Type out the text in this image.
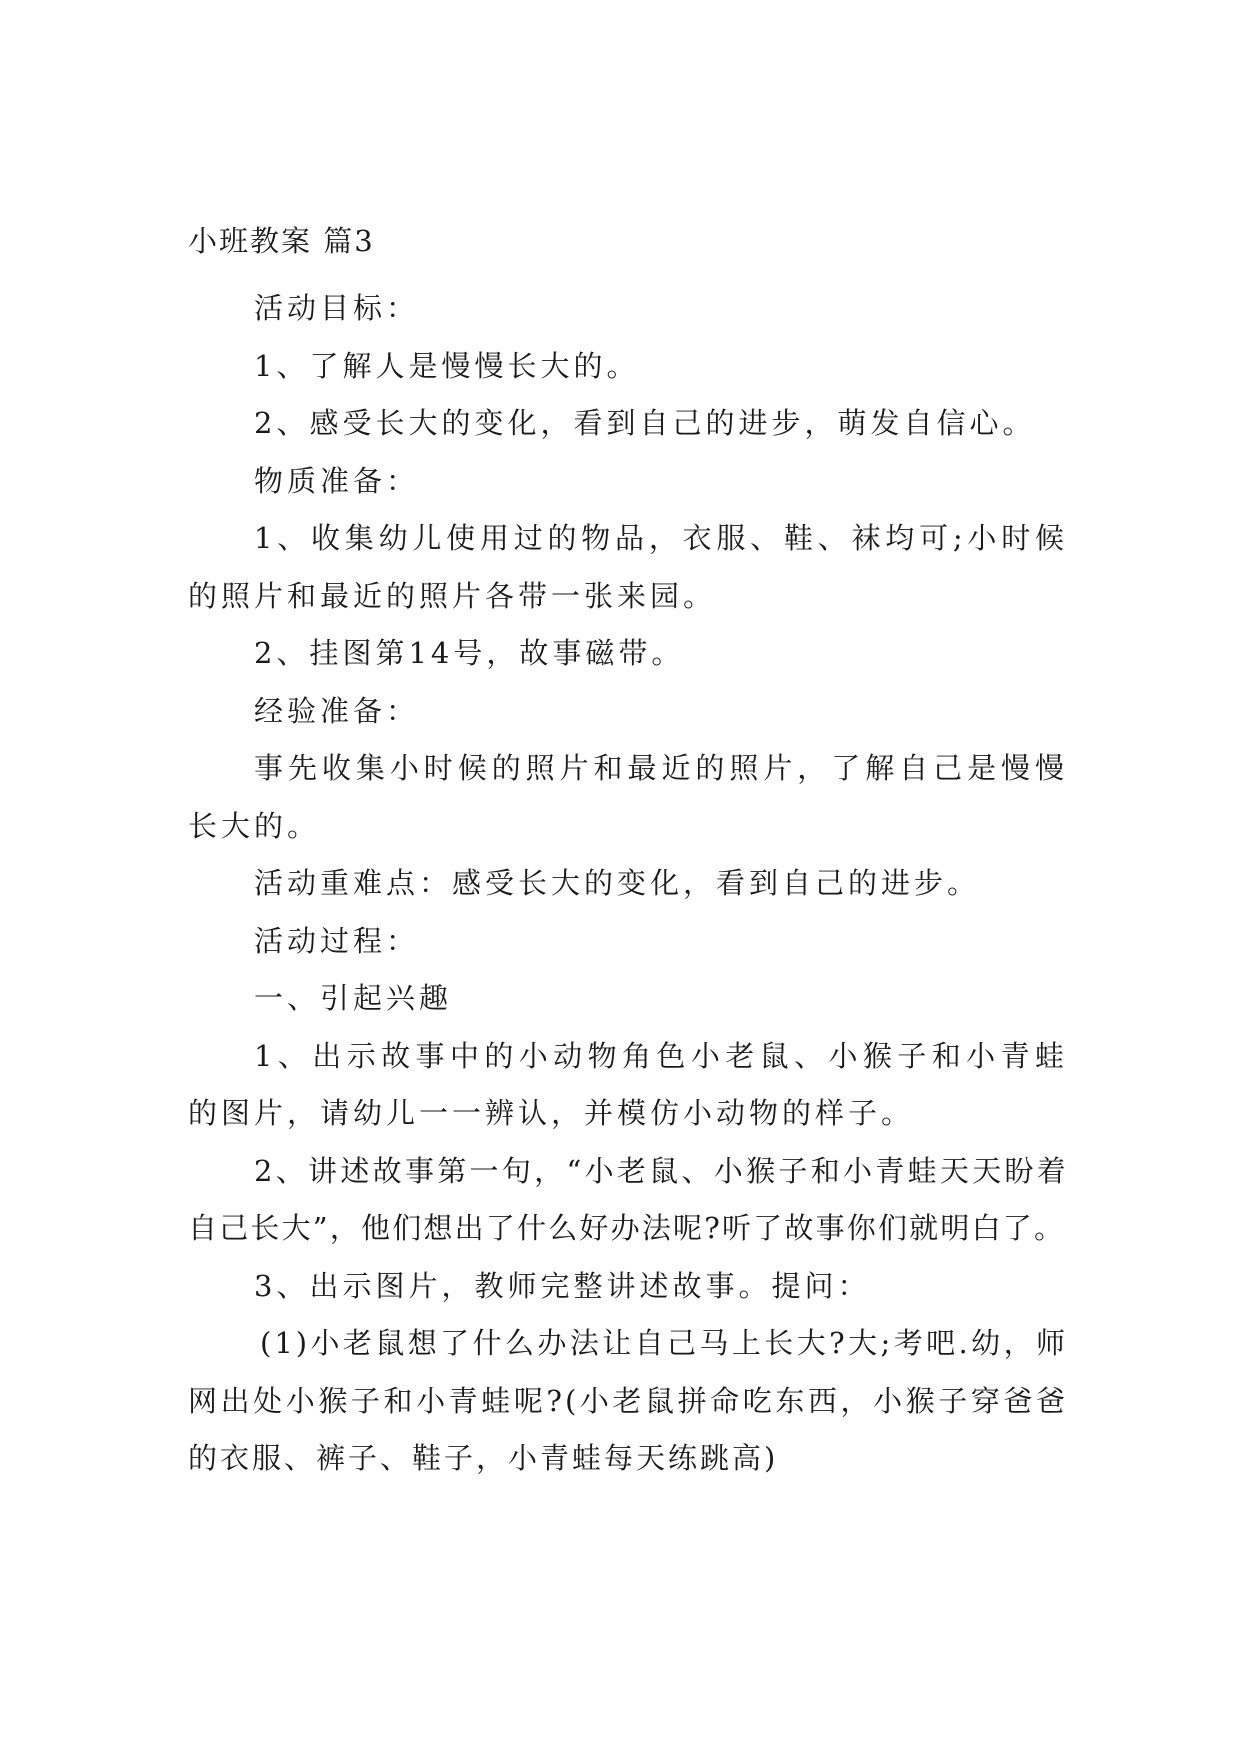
小班教案 篇3

活动目标：

1、了解人是慢慢长大的。

2、感受长大的变化，看到自己的进步，萌发自信心。

物质准备：

1、收集幼儿使用过的物品，衣服、鞋、袜均可;小时候的照片和最近的照片各带一张来园。

2、挂图第14号，故事磁带。

经验准备：

事先收集小时候的照片和最近的照片，了解自己是慢慢长大的。

活动重难点：感受长大的变化，看到自己的进步。

活动过程：

一、引起兴趣

1、出示故事中的小动物角色小老鼠、小猴子和小青蛙的图片，请幼儿一一辨认，并模仿小动物的样子。

2、讲述故事第一句，“小老鼠、小猴子和小青蛙天天盼着自己长大”，他们想出了什么好办法呢?听了故事你们就明白了。

3、出示图片，教师完整讲述故事。提问：

(1)小老鼠想了什么办法让自己马上长大?大;考吧.幼，师网出处小猴子和小青蛙呢?(小老鼠拼命吃东西，小猴子穿爸爸的衣服、裤子、鞋子，小青蛙每天练跳高)
